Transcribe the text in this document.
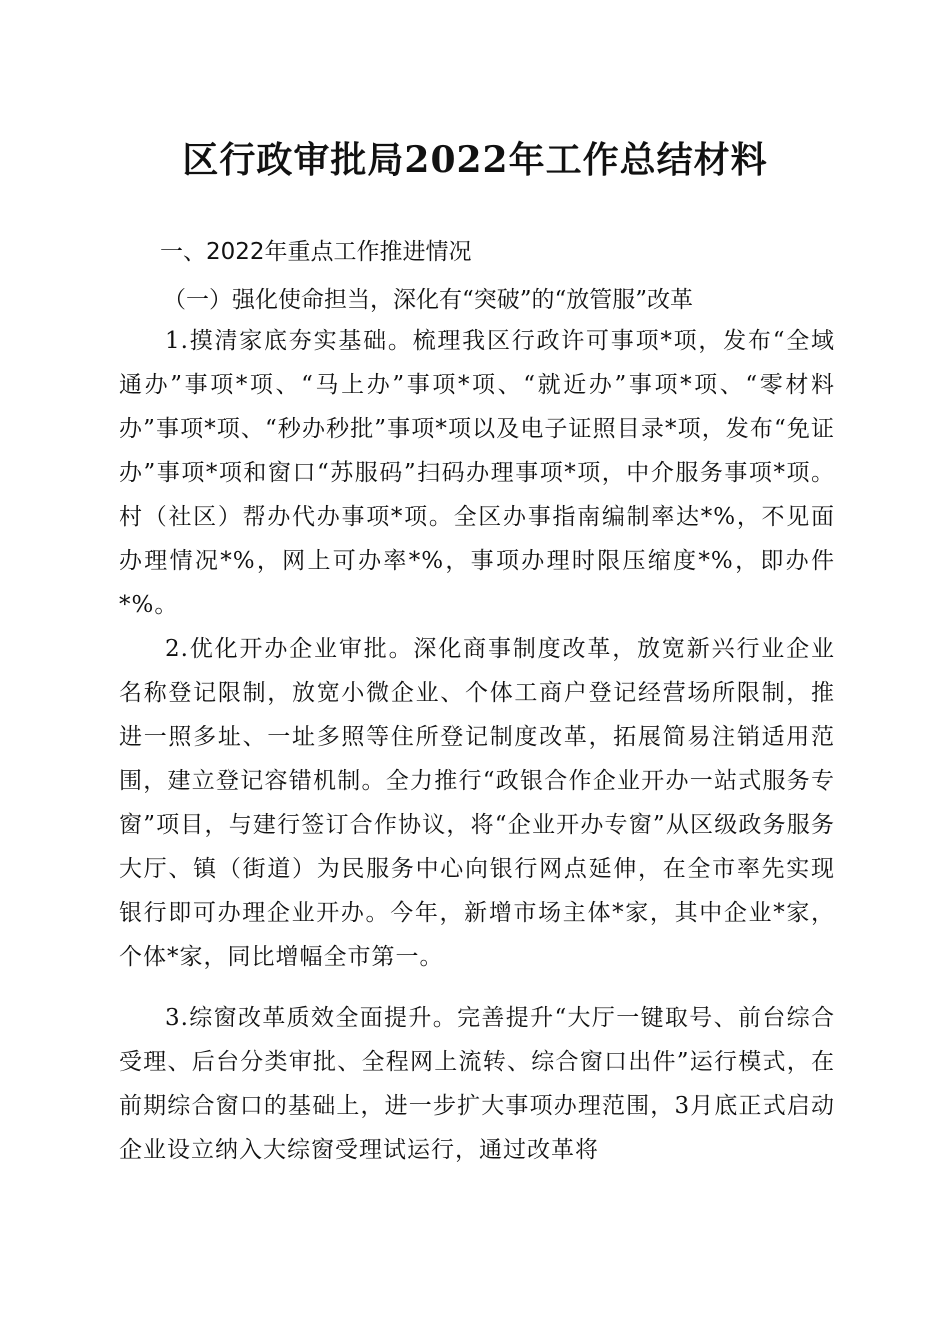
区行政审批局2022年工作总结材料
一、2022年重点工作推进情况
（一）强化使命担当，深化有“突破”的“放管服”改革

1.摸清家底夯实基础。梳理我区行政许可事项*项，发布“全域通办”事项*项、“马上办”事项*项、“就近办”事项*项、“零材料办”事项*项、“秒办秒批”事项*项以及电子证照目录*项，发布“免证办”事项*项和窗口“苏服码”扫码办理事项*项，中介服务事项*项。村（社区）帮办代办事项*项。全区办事指南编制率达*%，不见面办理情况*%，网上可办率*%，事项办理时限压缩度*%，即办件*%。

2.优化开办企业审批。深化商事制度改革，放宽新兴行业企业名称登记限制，放宽小微企业、个体工商户登记经营场所限制，推进一照多址、一址多照等住所登记制度改革，拓展简易注销适用范围，建立登记容错机制。全力推行“政银合作企业开办一站式服务专窗”项目，与建行签订合作协议，将“企业开办专窗”从区级政务服务大厅、镇（街道）为民服务中心向银行网点延伸，在全市率先实现银行即可办理企业开办。今年，新增市场主体*家，其中企业*家，个体*家，同比增幅全市第一。

3.综窗改革质效全面提升。完善提升“大厅一键取号、前台综合受理、后台分类审批、全程网上流转、综合窗口出件”运行模式，在前期综合窗口的基础上，进一步扩大事项办理范围，3月底正式启动企业设立纳入大综窗受理试运行，通过改革将
